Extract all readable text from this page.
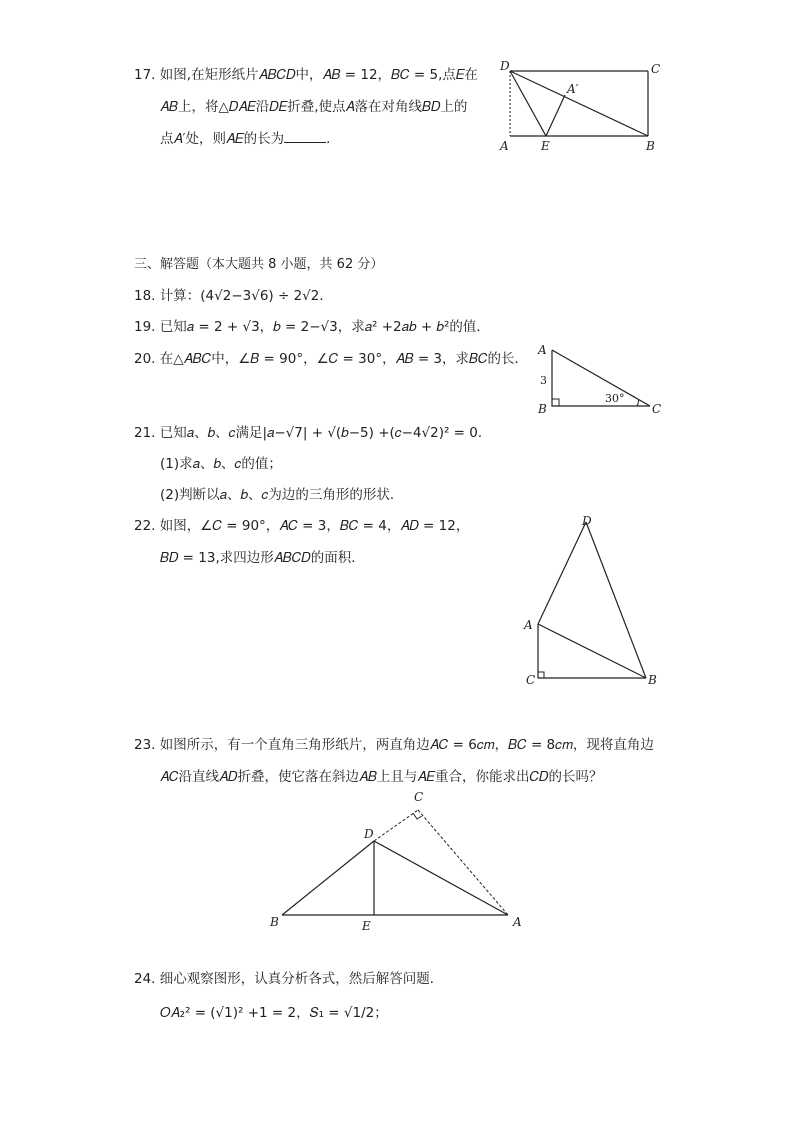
17. 如图,在矩形纸片𝐴𝐵𝐶𝐷中，𝐴𝐵 = 12，𝐵𝐶 = 5,点𝐸在
𝐴𝐵上，将△𝐷𝐴𝐸沿𝐷𝐸折叠,使点𝐴落在对角线𝐵𝐷上的
点𝐴′处，则𝐴𝐸的长为	．
D	C
A′
A	E	B
三、解答题（本大题共 8 小题，共 62 分）
18. 计算：(4√2−3√6) ÷ 2√2．
19. 已知𝑎 = 2 + √3，𝑏 = 2−√3，求𝑎² +2𝑎𝑏 + 𝑏²的值．
20. 在△𝐴𝐵𝐶中，∠𝐵 = 90°，∠𝐶 = 30°，𝐴𝐵 = 3，求𝐵𝐶的长．
A
B	C
3
30°
21. 已知𝑎、𝑏、𝑐满足|𝑎−√7| + √(𝑏−5) +(𝑐−4√2)² = 0．
(1)求𝑎、𝑏、𝑐的值；
(2)判断以𝑎、𝑏、𝑐为边的三角形的形状．
22. 如图，∠𝐶 = 90°，𝐴𝐶 = 3，𝐵𝐶 = 4，𝐴𝐷 = 12，
𝐵𝐷 = 13,求四边形𝐴𝐵𝐶𝐷的面积．
D
A
C	B
23. 如图所示，有一个直角三角形纸片，两直角边𝐴𝐶 = 6𝑐𝑚，𝐵𝐶 = 8𝑐𝑚，现将直角边
𝐴𝐶沿直线𝐴𝐷折叠，使它落在斜边𝐴𝐵上且与𝐴𝐸重合，你能求出𝐶𝐷的长吗？
C
D
B	E	A
24. 细心观察图形，认真分析各式，然后解答问题．
𝑂𝐴₂² = (√1)² +1 = 2，𝑆₁ = √1/2；
